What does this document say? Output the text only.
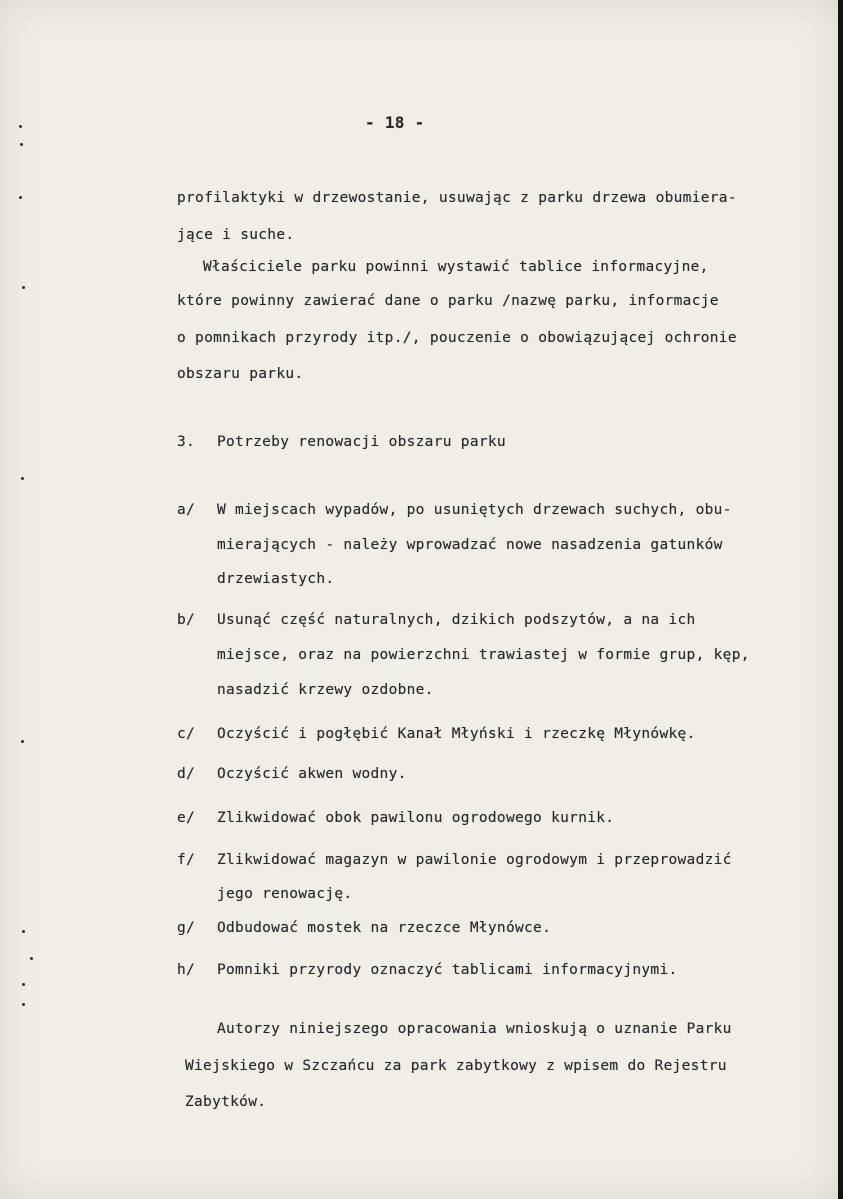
- 18 -
profilaktyki w drzewostanie, usuwając z parku drzewa obumiera-
jące i suche.
Właściciele parku powinni wystawić tablice informacyjne,
które powinny zawierać dane o parku /nazwę parku, informacje
o pomnikach przyrody itp./, pouczenie o obowiązującej ochronie
obszaru parku.
3. Potrzeby renowacji obszaru parku
a/ W miejscach wypadów, po usuniętych drzewach suchych, obu-
mierających - należy wprowadzać nowe nasadzenia gatunków
drzewiastych.
b/ Usunąć część naturalnych, dzikich podszytów, a na ich
miejsce, oraz na powierzchni trawiastej w formie grup, kęp,
nasadzić krzewy ozdobne.
c/ Oczyścić i pogłębić Kanał Młyński i rzeczkę Młynówkę.
d/ Oczyścić akwen wodny.
e/ Zlikwidować obok pawilonu ogrodowego kurnik.
f/ Zlikwidować magazyn w pawilonie ogrodowym i przeprowadzić
jego renowację.
g/ Odbudować mostek na rzeczce Młynówce.
h/ Pomniki przyrody oznaczyć tablicami informacyjnymi.
Autorzy niniejszego opracowania wnioskują o uznanie Parku
Wiejskiego w Szczańcu za park zabytkowy z wpisem do Rejestru
Zabytków.
